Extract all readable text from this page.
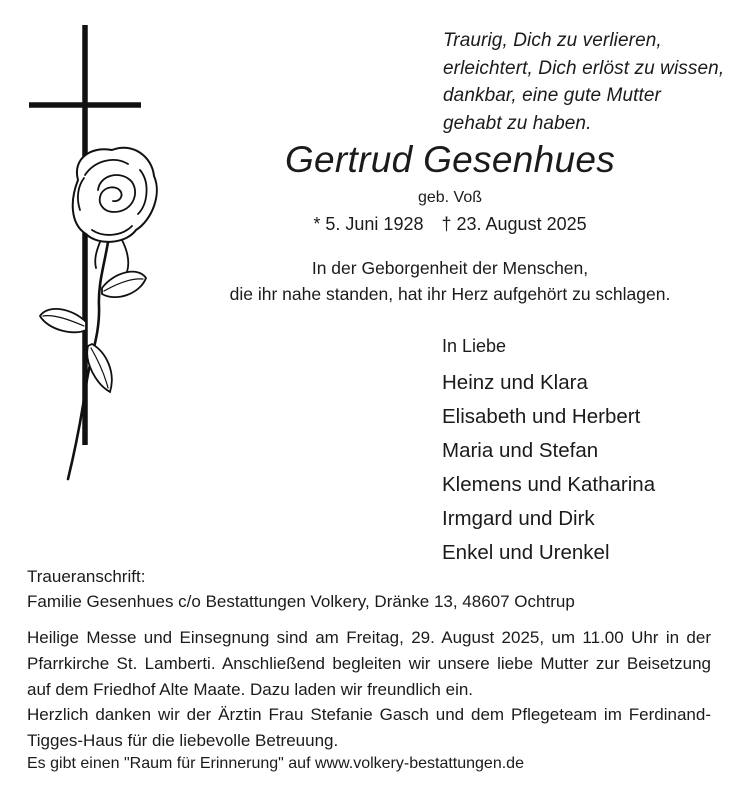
Traurig, Dich zu verlieren,
erleichtert, Dich erlöst zu wissen,
dankbar, eine gute Mutter
gehabt zu haben.
Gertrud Gesenhues
geb. Voß
* 5. Juni 1928 † 23. August 2025
In der Geborgenheit der Menschen,
die ihr nahe standen, hat ihr Herz aufgehört zu schlagen.
In Liebe
Heinz und Klara
Elisabeth und Herbert
Maria und Stefan
Klemens und Katharina
Irmgard und Dirk
Enkel und Urenkel
Traueranschrift:
Familie Gesenhues c/o Bestattungen Volkery, Dränke 13, 48607 Ochtrup

Heilige Messe und Einsegnung sind am Freitag, 29. August 2025, um 11.00 Uhr in der Pfarrkirche St. Lamberti. Anschließend begleiten wir unsere liebe Mutter zur Beisetzung auf dem Friedhof Alte Maate. Dazu laden wir freundlich ein.

Herzlich danken wir der Ärztin Frau Stefanie Gasch und dem Pflegeteam im Ferdinand-Tigges-Haus für die liebevolle Betreuung.

Es gibt einen "Raum für Erinnerung" auf www.volkery-bestattungen.de
